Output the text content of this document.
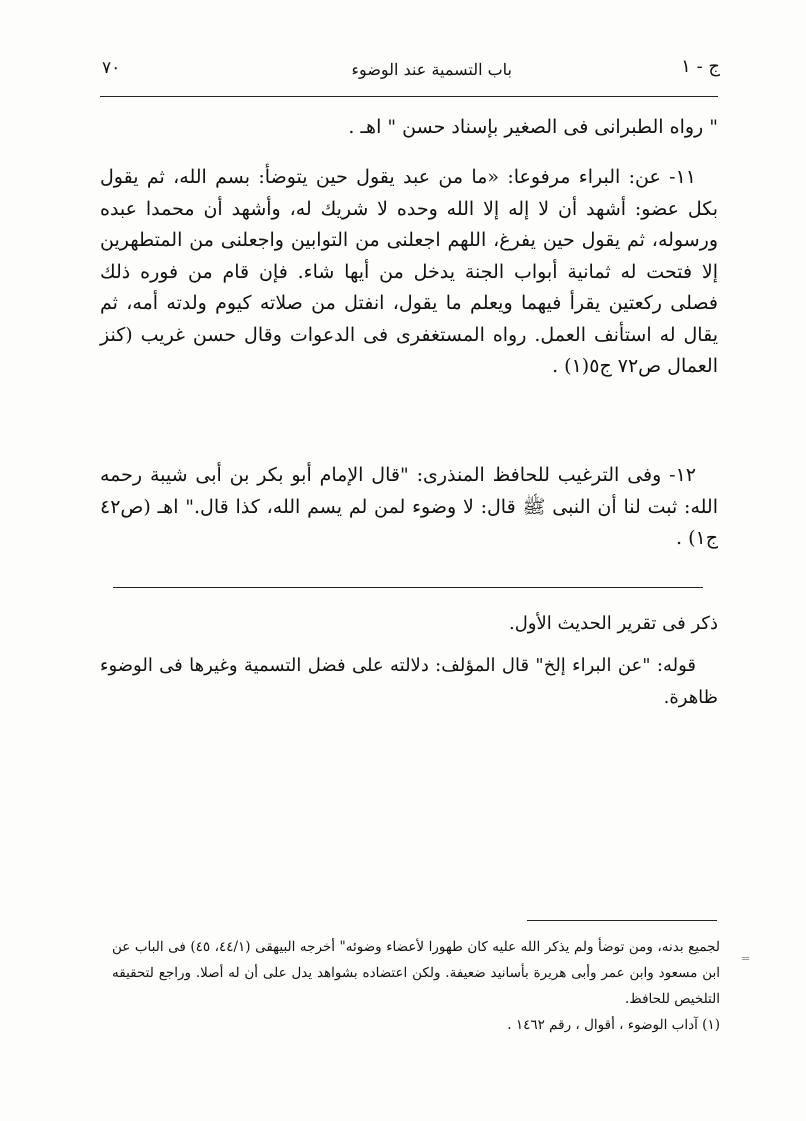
ج - ١
باب التسمية عند الوضوء
٧٠

" رواه الطبرانى فى الصغير بإسناد حسن " اهـ .

١١- عن: البراء مرفوعا: «ما من عبد يقول حين يتوضأ: بسم الله، ثم يقول بكل عضو: أشهد أن لا إله إلا الله وحده لا شريك له، وأشهد أن محمدا عبده ورسوله، ثم يقول حين يفرغ، اللهم اجعلنى من التوابين واجعلنى من المتطهرين إلا فتحت له ثمانية أبواب الجنة يدخل من أيها شاء. فإن قام من فوره ذلك فصلى ركعتين يقرأ فيهما ويعلم ما يقول، انفتل من صلاته كيوم ولدته أمه، ثم يقال له استأنف العمل. رواه المستغفرى فى الدعوات وقال حسن غريب (كنز العمال ص٧٢ ج٥(١) .

١٢- وفى الترغيب للحافظ المنذرى: "قال الإمام أبو بكر بن أبى شيبة رحمه الله: ثبت لنا أن النبى ﷺ قال: لا وضوء لمن لم يسم الله، كذا قال." اهـ (ص٤٢ ج١) .

ذكر فى تقرير الحديث الأول.

قوله: "عن البراء إلخ" قال المؤلف: دلالته على فضل التسمية وغيرها فى الوضوء ظاهرة.

لجميع بدنه، ومن توضأ ولم يذكر الله عليه كان طهورا لأعضاء وضوئه" أخرجه البيهقى (٤٤/١، ٤٥) فى الباب عن ابن مسعود وابن عمر وأبى هريرة بأسانيد ضعيفة. ولكن اعتضاده بشواهد يدل على أن له أصلا. وراجع لتحقيقه التلخيص للحافظ.

(١) آداب الوضوء ، أقوال ، رقم ١٤٦٢ .

=
